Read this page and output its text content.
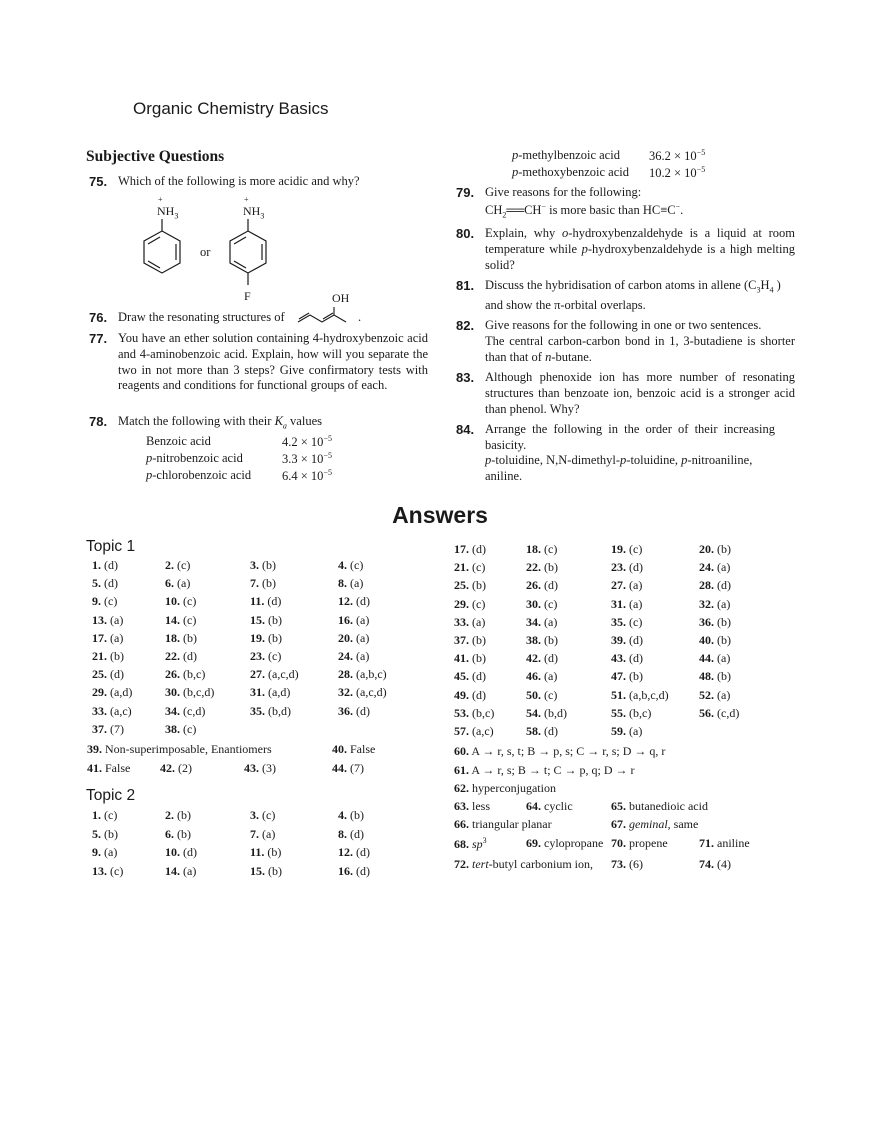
Organic Chemistry Basics
Subjective Questions
75. Which of the following is more acidic and why?
+
$NH_3$
or
+
$NH_3$
F
76. Draw the resonating structures of
OH
.
77. You have an ether solution containing 4-hydroxybenzoic acid and 4-aminobenzoic acid. Explain, how will you separate the two in not more than 3 steps? Give confirmatory tests with reagents and conditions for functional groups of each.
78. Match the following with their $K_a$ values
Benzoic acid	$4.2 \times 10^{-5}$
p-nitrobenzoic acid	$3.3 \times 10^{-5}$
p-chlorobenzoic acid $6.4 \times 10^{-5}$
p-methylbenzoic acid $36.2 \times 10^{-5}$
p-methoxybenzoic acid $10.2 \times 10^{-5}$
79. Give reasons for the following:
$CH_2══CH^-$ is more basic than HC≡C−.
80. Explain, why o-hydroxybenzaldehyde is a liquid at room temperature while p-hydroxybenzaldehyde is a high melting solid?
81. Discuss the hybridisation of carbon atoms in allene ($C_3H_4$ )
and show the π-orbital overlaps.
82. Give reasons for the following in one or two sentences.
The central carbon-carbon bond in 1, 3-butadiene is shorter than that of n-butane.
83. Although phenoxide ion has more number of resonating structures than benzoate ion, benzoic acid is a stronger acid than phenol. Why?
84. Arrange the following in the order of their increasing basicity.
p-toluidine, N,N-dimethyl-p-toluidine, p-nitroaniline,
aniline.
Answers
Topic 1
Topic 2
1. (d)	2. (c)	3. (b)	4. (c)
5. (d)	6. (a)	7. (b)	8. (a)
9. (c)	10. (c)	11. (d)	12. (d)
13. (a)	14. (c)	15. (b)	16. (a)
17. (a)	18. (b)	19. (b)	20. (a)
21. (b)	22. (d)	23. (c)	24. (a)
25. (d)	26. (b,c)	27. (a,c,d)	28. (a,b,c)
29. (a,d)	30. (b,c,d)	31. (a,d)	32. (a,c,d)
33. (a,c)	34. (c,d)	35. (b,d)	36. (d)
37. (7)	38. (c)
1. (c)	2. (b)	3. (c)	4. (b)
5. (b)	6. (b)	7. (a)	8. (d)
9. (a)	10. (d)	11. (b)	12. (d)
13. (c)	14. (a)	15. (b)	16. (d)
17. (d)	18. (c)	19. (c)	20. (b)
21. (c)	22. (b)	23. (d)	24. (a)
25. (b)	26. (d)	27. (a)	28. (d)
29. (c)	30. (c)	31. (a)	32. (a)
33. (a)	34. (a)	35. (c)	36. (b)
37. (b)	38. (b)	39. (d)	40. (b)
41. (b)	42. (d)	43. (d)	44. (a)
45. (d)	46. (a)	47. (b)	48. (b)
49. (d)	50. (c)	51. (a,b,c,d)	52. (a)
53. (b,c)	54. (b,d)	55. (b,c)	56. (c,d)
57. (a,c)	58. (d)	59. (a)
39. Non-superimposable, Enantiomers	40. False
41. False 42. (2)	43. (3)	44. (7)
60. A → r, s, t; B → p, s; C → r, s; D → q, r
61. A → r, s; B → t; C → p, q; D → r
62. hyperconjugation
63. less	64. cyclic	65. butanedioic acid
66. triangular planar	67. geminal, same
68. $sp^3$	69. cylopropane 70. propene	71. aniline
72. tert-butyl carbonium ion, 73. (6)	74. (4)
